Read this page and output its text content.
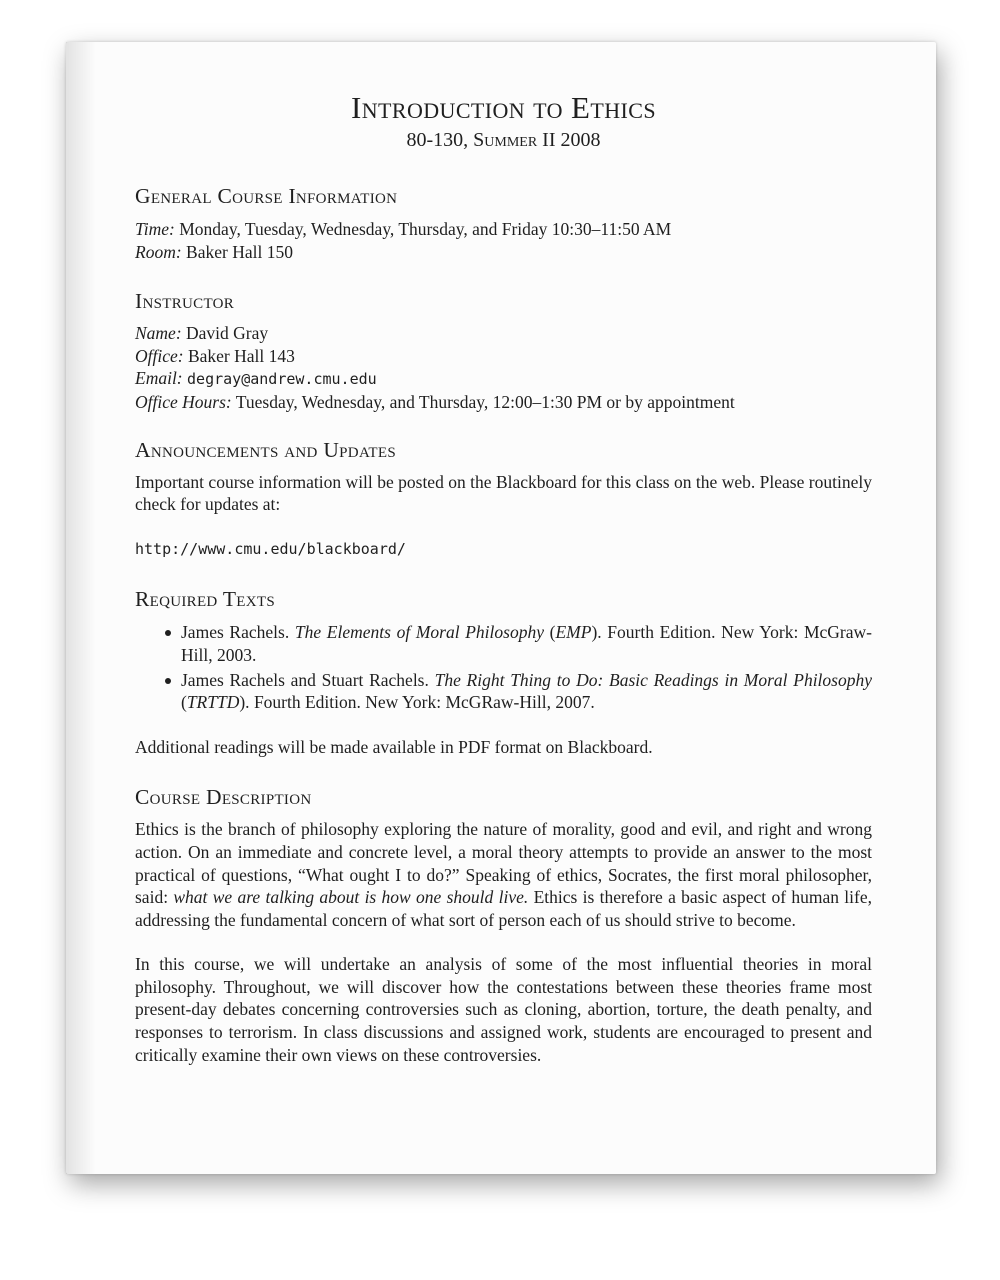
Introduction to Ethics
80-130, Summer II 2008
General Course Information
Time: Monday, Tuesday, Wednesday, Thursday, and Friday 10:30–11:50 AM
Room: Baker Hall 150
Instructor
Name: David Gray
Office: Baker Hall 143
Email: degray@andrew.cmu.edu
Office Hours: Tuesday, Wednesday, and Thursday, 12:00–1:30 PM or by appointment
Announcements and Updates

Important course information will be posted on the Blackboard for this class on the web. Please routinely check for updates at:

http://www.cmu.edu/blackboard/
Required Texts
James Rachels. The Elements of Moral Philosophy (EMP). Fourth Edition. New York: McGraw-Hill, 2003.
James Rachels and Stuart Rachels. The Right Thing to Do: Basic Readings in Moral Philosophy (TRTTD). Fourth Edition. New York: McGRaw-Hill, 2007.

Additional readings will be made available in PDF format on Blackboard.

Course Description

Ethics is the branch of philosophy exploring the nature of morality, good and evil, and right and wrong action. On an immediate and concrete level, a moral theory attempts to provide an answer to the most practical of questions, “What ought I to do?” Speaking of ethics, Socrates, the first moral philosopher, said: what we are talking about is how one should live. Ethics is therefore a basic aspect of human life, addressing the fundamental concern of what sort of person each of us should strive to become.

In this course, we will undertake an analysis of some of the most influential theories in moral philosophy. Throughout, we will discover how the contestations between these theories frame most present-day debates concerning controversies such as cloning, abortion, torture, the death penalty, and responses to terrorism. In class discussions and assigned work, students are encouraged to present and critically examine their own views on these controversies.
